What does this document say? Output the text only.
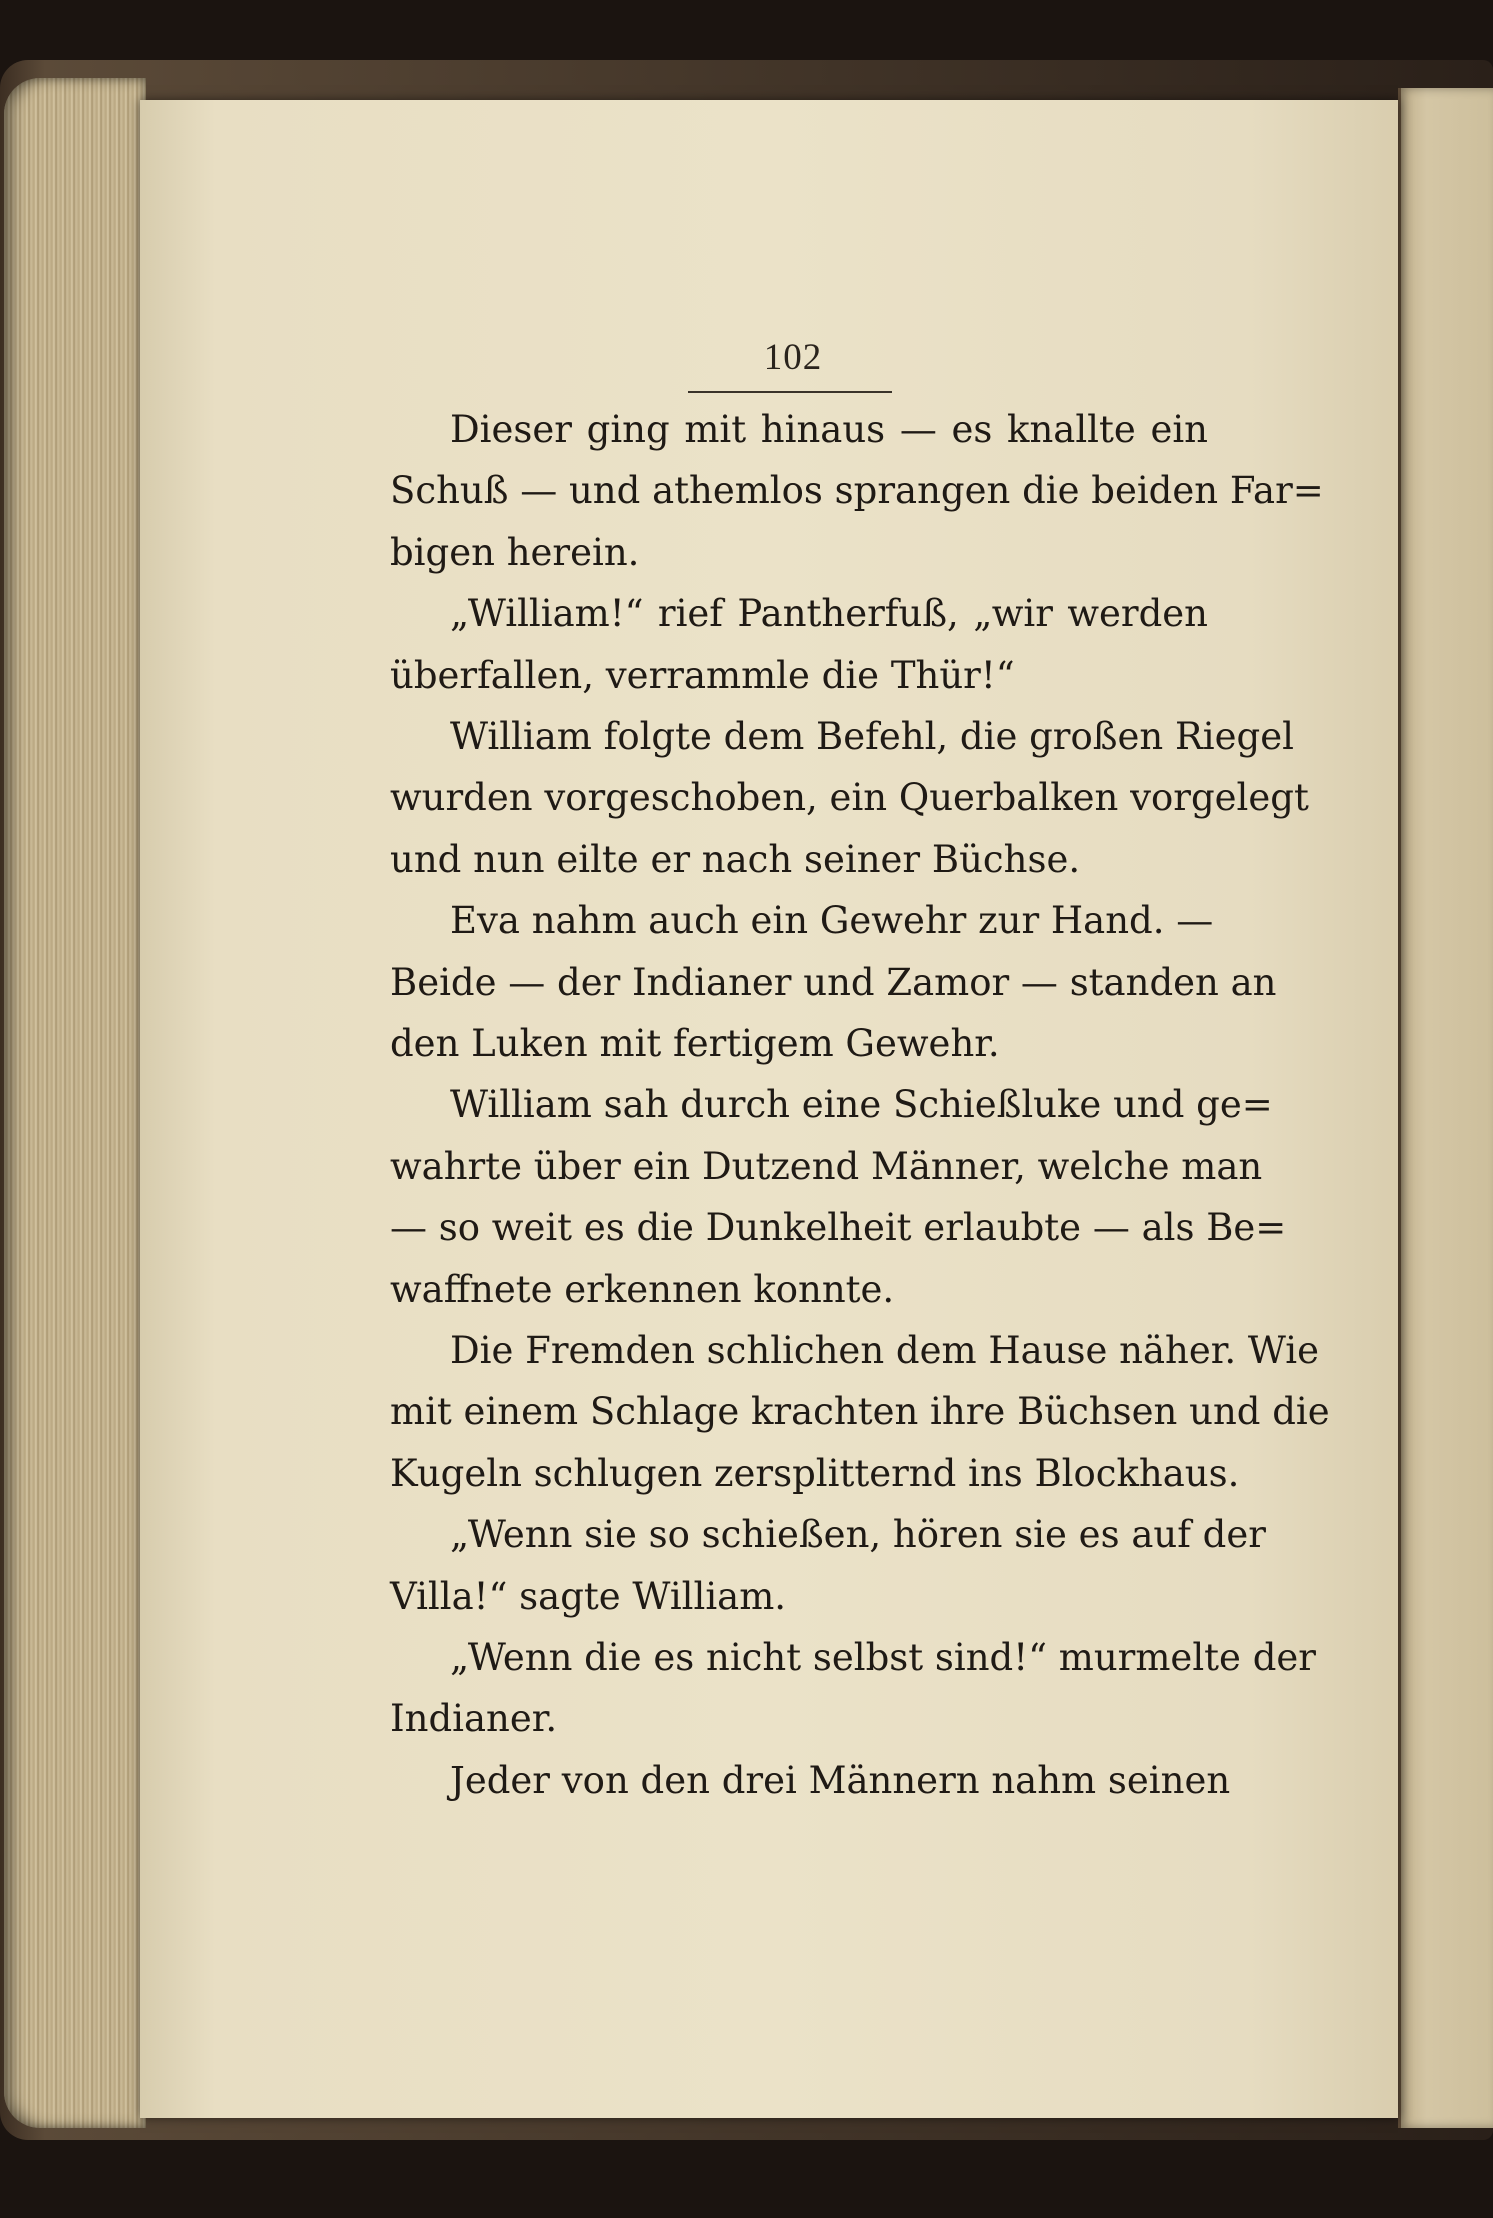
102
Dieser ging mit hinaus — es knallte ein
Schuß — und athemlos sprangen die beiden Far=
bigen herein.
„William!“ rief Pantherfuß, „wir werden
überfallen, verrammle die Thür!“
William folgte dem Befehl, die großen Riegel
wurden vorgeschoben, ein Querbalken vorgelegt
und nun eilte er nach seiner Büchse.
Eva nahm auch ein Gewehr zur Hand. —
Beide — der Indianer und Zamor — standen an
den Luken mit fertigem Gewehr.
William sah durch eine Schießluke und ge=
wahrte über ein Dutzend Männer, welche man
— so weit es die Dunkelheit erlaubte — als Be=
waffnete erkennen konnte.
Die Fremden schlichen dem Hause näher. Wie
mit einem Schlage krachten ihre Büchsen und die
Kugeln schlugen zersplitternd ins Blockhaus.
„Wenn sie so schießen, hören sie es auf der
Villa!“ sagte William.
„Wenn die es nicht selbst sind!“ murmelte der
Indianer.
Jeder von den drei Männern nahm seinen
